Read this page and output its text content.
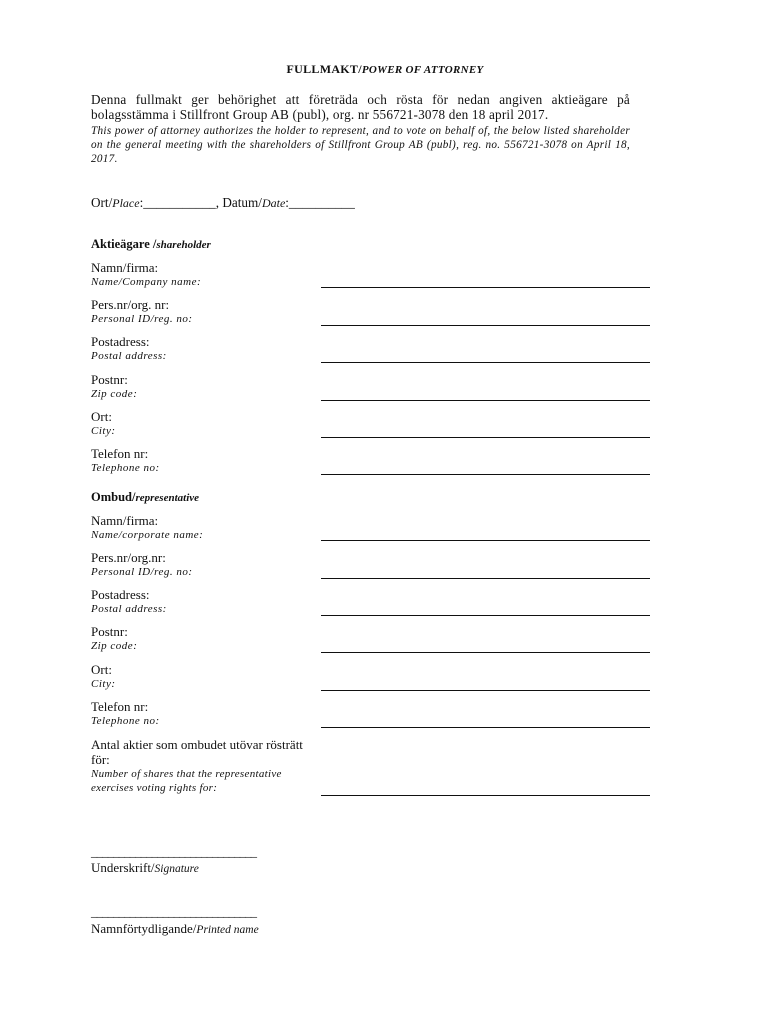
FULLMAKT/POWER OF ATTORNEY
Denna fullmakt ger behörighet att företräda och rösta för nedan angiven aktieägare på bolagsstämma i Stillfront Group AB (publ), org. nr 556721-3078 den 18 april 2017.
This power of attorney authorizes the holder to represent, and to vote on behalf of, the below listed shareholder on the general meeting with the shareholders of Stillfront Group AB (publ), reg. no. 556721-3078 on April 18, 2017.
Ort/Place:___________, Datum/Date:__________
Aktieägare /shareholder
Namn/firma:
Name/Company name:
Pers.nr/org. nr:
Personal ID/reg. no:
Postadress:
Postal address:
Postnr:
Zip code:
Ort:
City:
Telefon nr:
Telephone no:
Ombud/representative
Namn/firma:
Name/corporate name:
Pers.nr/org.nr:
Personal ID/reg. no:
Postadress:
Postal address:
Postnr:
Zip code:
Ort:
City:
Telefon nr:
Telephone no:
Antal aktier som ombudet utövar rösträtt för:
Number of shares that the representative exercises voting rights for:
______________________________
Underskrift/Signature
______________________________
Namnförtydligande/Printed name
